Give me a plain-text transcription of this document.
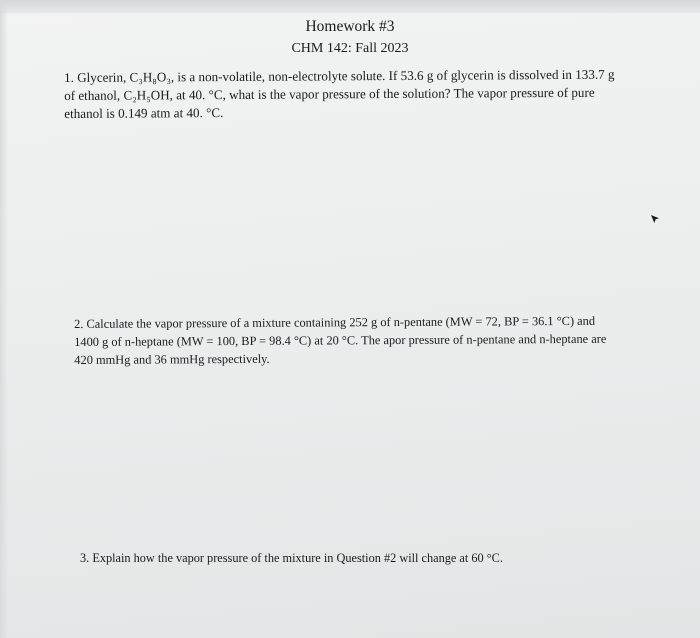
Homework #3

CHM 142: Fall 2023

1. Glycerin, C₃H₈O₃, is a non-volatile, non-electrolyte solute. If 53.6 g of glycerin is dissolved in 133.7 g of ethanol, C₂H₅OH, at 40. °C, what is the vapor pressure of the solution? The vapor pressure of pure ethanol is 0.149 atm at 40. °C.

2. Calculate the vapor pressure of a mixture containing 252 g of n-pentane (MW = 72, BP = 36.1 °C) and 1400 g of n-heptane (MW = 100, BP = 98.4 °C) at 20 °C. The apor pressure of n-pentane and n-heptane are 420 mmHg and 36 mmHg respectively.

3. Explain how the vapor pressure of the mixture in Question #2 will change at 60 °C.
